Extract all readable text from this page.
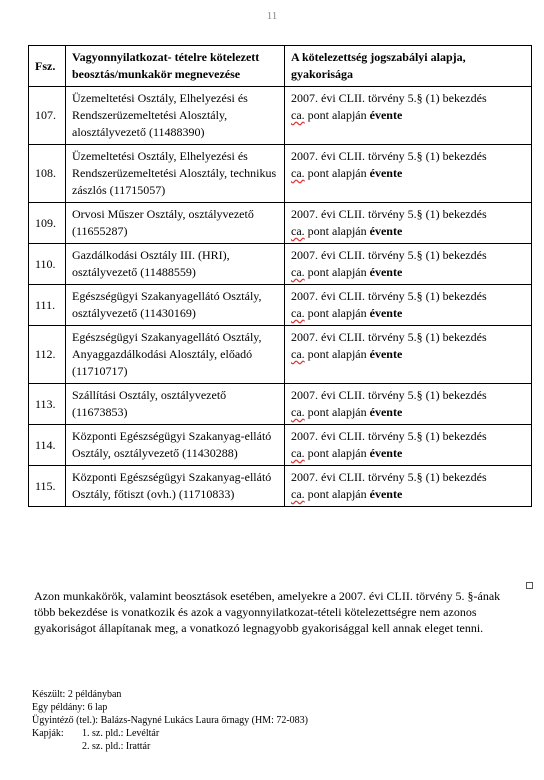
11
Fsz.	Vagyonnyilatkozat- tételre kötelezett beosztás/munkakör megnevezése	A kötelezettség jogszabályi alapja, gyakorisága
107.	Üzemeltetési Osztály, Elhelyezési és Rendszerüzemeltetési Alosztály, alosztályvezető (11488390)	2007. évi CLII. törvény 5.§ (1) bekezdés
ca. pont alapján évente
108.	Üzemeltetési Osztály, Elhelyezési és Rendszerüzemeltetési Alosztály, technikus zászlós (11715057)	2007. évi CLII. törvény 5.§ (1) bekezdés
ca. pont alapján évente
109.	Orvosi Műszer Osztály, osztályvezető (11655287)	2007. évi CLII. törvény 5.§ (1) bekezdés
ca. pont alapján évente
110.	Gazdálkodási Osztály III. (HRI), osztályvezető (11488559)	2007. évi CLII. törvény 5.§ (1) bekezdés
ca. pont alapján évente
111.	Egészségügyi Szakanyagellátó Osztály, osztályvezető (11430169)	2007. évi CLII. törvény 5.§ (1) bekezdés
ca. pont alapján évente
112.	Egészségügyi Szakanyagellátó Osztály, Anyaggazdálkodási Alosztály, előadó (11710717)	2007. évi CLII. törvény 5.§ (1) bekezdés
ca. pont alapján évente
113.	Szállítási Osztály, osztályvezető (11673853)	2007. évi CLII. törvény 5.§ (1) bekezdés
ca. pont alapján évente
114.	Központi Egészségügyi Szakanyag-ellátó Osztály, osztályvezető (11430288)	2007. évi CLII. törvény 5.§ (1) bekezdés
ca. pont alapján évente
115.	Központi Egészségügyi Szakanyag-ellátó Osztály, főtiszt (ovh.) (11710833)	2007. évi CLII. törvény 5.§ (1) bekezdés
ca. pont alapján évente
Azon munkakörök, valamint beosztások esetében, amelyekre a 2007. évi CLII. törvény 5. §-ának több bekezdése is vonatkozik és azok a vagyonnyilatkozat-tételi kötelezettségre nem azonos gyakoriságot állapítanak meg, a vonatkozó legnagyobb gyakorisággal kell annak eleget tenni.
Készült: 2 példányban
Egy példány: 6 lap
Ügyintéző (tel.): Balázs-Nagyné Lukács Laura őrnagy (HM: 72-083)
Kapják:	1. sz. pld.: Levéltár
2. sz. pld.: Irattár
